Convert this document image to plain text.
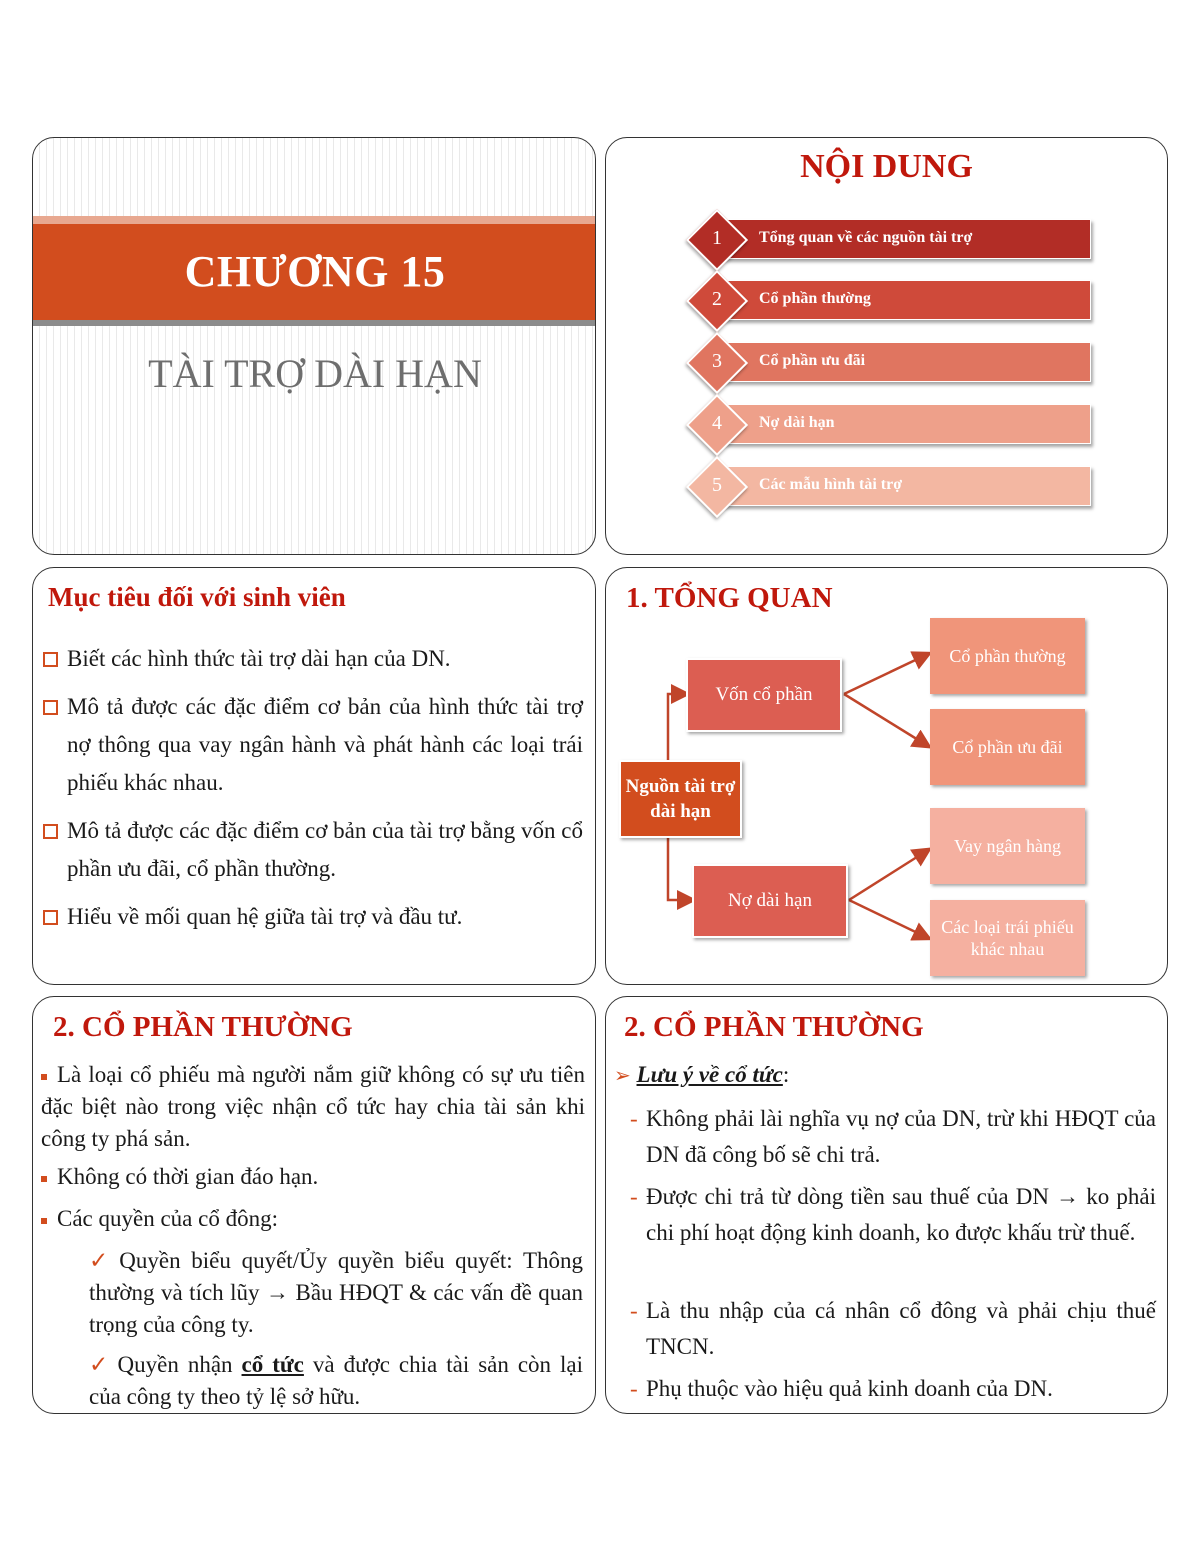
CHƯƠNG 15
TÀI TRỢ DÀI HẠN
NỘI DUNG
1	Tổng quan về các nguồn tài trợ
2	Cổ phần thường
3	Cổ phần ưu đãi
4	Nợ dài hạn
5	Các mẫu hình tài trợ
Mục tiêu đối với sinh viên
Biết các hình thức tài trợ dài hạn của DN.
Mô tả được các đặc điểm cơ bản của hình thức tài trợ nợ thông qua vay ngân hành và phát hành các loại trái phiếu khác nhau.
Mô tả được các đặc điểm cơ bản của tài trợ bằng vốn cổ phần ưu đãi, cổ phần thường.
Hiểu về mối quan hệ giữa tài trợ và đầu tư.
1. TỔNG QUAN
Nguồn tài trợ dài hạn
Vốn cổ phần
Nợ dài hạn
Cổ phần thường
Cổ phần ưu đãi
Vay ngân hàng
Các loại trái phiếu khác nhau
2. CỔ PHẦN THƯỜNG
Là loại cổ phiếu mà người nắm giữ không có sự ưu tiên đặc biệt nào trong việc nhận cổ tức hay chia tài sản khi công ty phá sản.
Không có thời gian đáo hạn.
Các quyền của cổ đông:
✓ Quyền biểu quyết/Ủy quyền biểu quyết: Thông thường và tích lũy → Bầu HĐQT & các vấn đề quan trọng của công ty.
✓ Quyền nhận cổ tức và được chia tài sản còn lại của công ty theo tỷ lệ sở hữu.
2. CỔ PHẦN THƯỜNG
➢ Lưu ý về cổ tức:
- Không phải lài nghĩa vụ nợ của DN, trừ khi HĐQT của DN đã công bố sẽ chi trả.
- Được chi trả từ dòng tiền sau thuế của DN → ko phải chi phí hoạt động kinh doanh, ko được khấu trừ thuế.
- Là thu nhập của cá nhân cổ đông và phải chịu thuế TNCN.
- Phụ thuộc vào hiệu quả kinh doanh của DN.
